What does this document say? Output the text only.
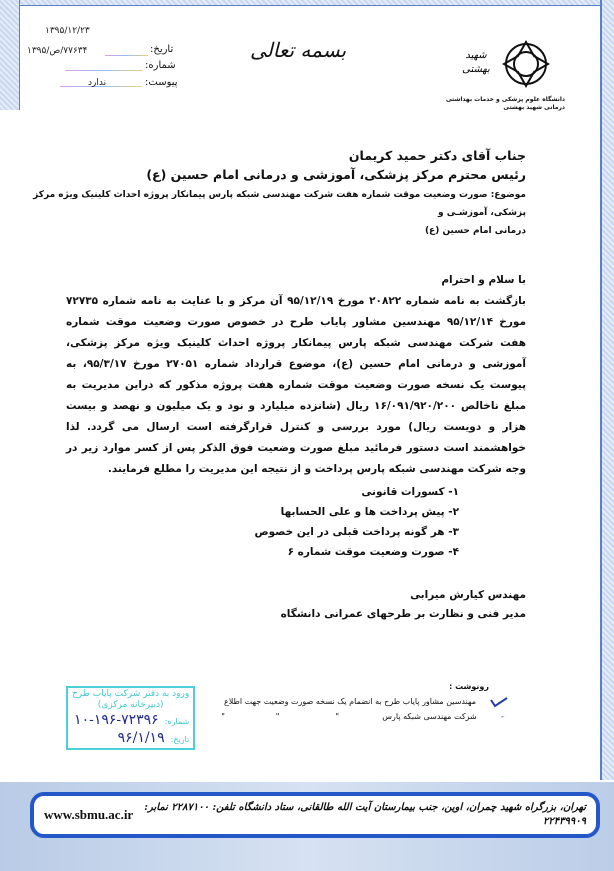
۱۳۹۵/۱۲/۲۳
تاریخ:
۷۷۶۳۴/ص/۱۳۹۵
شماره:
پیوست:
ندارد
بسمه تعالی	شهید
بهشتی
دانشگاه علوم پزشکی و خدمات بهداشتی درمانی شهید بهشتی
جناب آقای دکتر حمید کریمان
رئیس محترم مرکز پزشکی، آموزشی و درمانی امام حسین (ع)
موضوع: صورت وضعیت موقت شماره هفت شرکت مهندسی شبکه پارس پیمانکار پروژه احداث کلینیک ویژه مرکز پزشکی، آموزشـی و
درمانی امام حسین (ع)
با سلام و احترام
بازگشت به نامه شماره ۲۰۸۲۲ مورخ ۹۵/۱۲/۱۹ آن مرکز و با عنایت به نامه شماره ۷۲۷۳۵ مورخ ۹۵/۱۲/۱۴ مهندسین مشاور پایاب طرح در خصوص صورت وضعیت موقت شماره هفت شرکت مهندسی شبکه پارس پیمانکار پروژه احداث کلینیک ویژه مرکز پزشکی، آموزشی و درمانی امام حسین (ع)، موضوع قرارداد شماره ۲۷۰۵۱ مورخ ۹۵/۳/۱۷، به پیوست یک نسخه صورت وضعیت موقت شماره هفت پروژه مذکور که دراین مدیریت به مبلغ ناخالص ۱۶/۰۹۱/۹۲۰/۲۰۰ ریال (شانزده میلیارد و نود و یک میلیون و نهصد و بیست هزار و دویست ریال) مورد بررسی و کنترل قرارگرفته است ارسال می گردد. لذا خواهشمند است دستور فرمائید مبلغ صورت وضعیت فوق الذکر پس از کسر موارد زیر در وجه شرکت مهندسی شبکه پارس پرداخت و از نتیجه این مدیریت را مطلع فرمایند.
۱- کسورات قانونی
۲- پیش پرداخت ها و علی الحسابها
۳- هر گونه پرداخت قبلی در این خصوص
۴- صورت وضعیت موقت شماره ۶
مهندس کیارش میرابی
مدیر فنی و نظارت بر طرحهای عمرانی دانشگاه
رونوشت :
مهندسین مشاور پایاب طرح به انضمام یک نسخه صورت وضعیت جهت اطلاع
-
شرکت مهندسی شبکه پارس                 "                      "                    "
ورود به دفتر شرکت پایاب طرح
(دبیرخانه مرکزی)
شماره:
۱۰-۱۹۶-۷۲۳۹۶
تاریخ:
۹۶/۱/۱۹
www.sbmu.ac.ir	تهران، بزرگراه شهید چمران، اوین، جنب بیمارستان آیت الله طالقانی، ستاد دانشگاه تلفن: ۲۲۸۷۱۰۰ نمابر: ۲۲۴۳۹۹۰۹
